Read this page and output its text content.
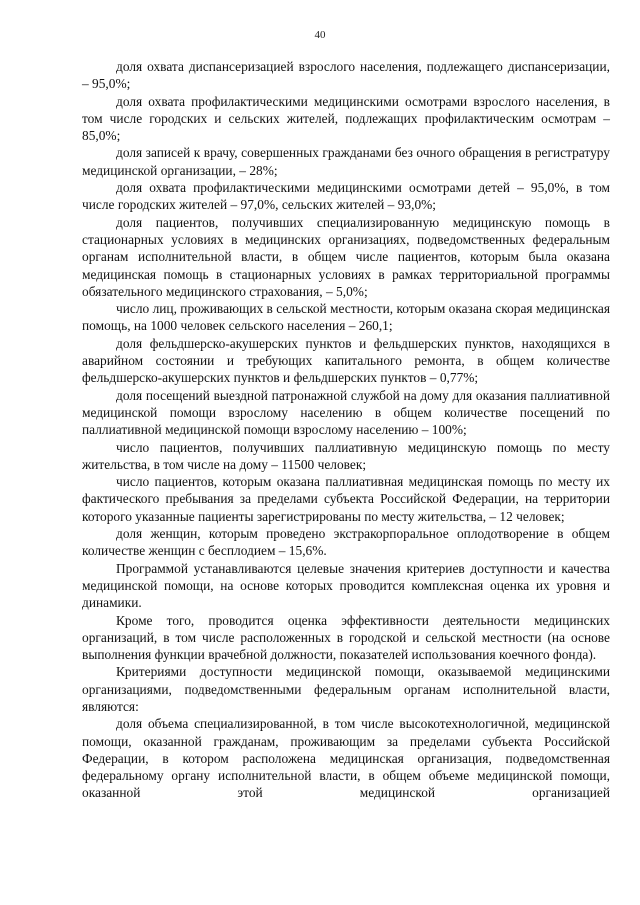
40

доля охвата диспансеризацией взрослого населения, подлежащего диспансеризации, – 95,0%;

доля охвата профилактическими медицинскими осмотрами взрослого населения, в том числе городских и сельских жителей, подлежащих профилактическим осмотрам – 85,0%;

доля записей к врачу, совершенных гражданами без очного обращения в регистратуру медицинской организации, – 28%;

доля охвата профилактическими медицинскими осмотрами детей – 95,0%, в том числе городских жителей – 97,0%, сельских жителей – 93,0%;

доля пациентов, получивших специализированную медицинскую помощь в стационарных условиях в медицинских организациях, подведомственных федеральным органам исполнительной власти, в общем числе пациентов, которым была оказана медицинская помощь в стационарных условиях в рамках территориальной программы обязательного медицинского страхования, – 5,0%;

число лиц, проживающих в сельской местности, которым оказана скорая медицинская помощь, на 1000 человек сельского населения – 260,1;

доля фельдшерско-акушерских пунктов и фельдшерских пунктов, находящихся в аварийном состоянии и требующих капитального ремонта, в общем количестве фельдшерско-акушерских пунктов и фельдшерских пунктов – 0,77%;

доля посещений выездной патронажной службой на дому для оказания паллиативной медицинской помощи взрослому населению в общем количестве посещений по паллиативной медицинской помощи взрослому населению – 100%;

число пациентов, получивших паллиативную медицинскую помощь по месту жительства, в том числе на дому – 11500 человек;

число пациентов, которым оказана паллиативная медицинская помощь по месту их фактического пребывания за пределами субъекта Российской Федерации, на территории которого указанные пациенты зарегистрированы по месту жительства, – 12 человек;

доля женщин, которым проведено экстракорпоральное оплодотворение в общем количестве женщин с бесплодием – 15,6%.

Программой устанавливаются целевые значения критериев доступности и качества медицинской помощи, на основе которых проводится комплексная оценка их уровня и динамики.

Кроме того, проводится оценка эффективности деятельности медицинских организаций, в том числе расположенных в городской и сельской местности (на основе выполнения функции врачебной должности, показателей использования коечного фонда).

Критериями доступности медицинской помощи, оказываемой медицинскими организациями, подведомственными федеральным органам исполнительной власти, являются:

доля объема специализированной, в том числе высокотехнологичной, медицинской помощи, оказанной гражданам, проживающим за пределами субъекта Российской Федерации, в котором расположена медицинская организация, подведомственная федеральному органу исполнительной власти, в общем объеме медицинской помощи, оказанной этой медицинской организацией
